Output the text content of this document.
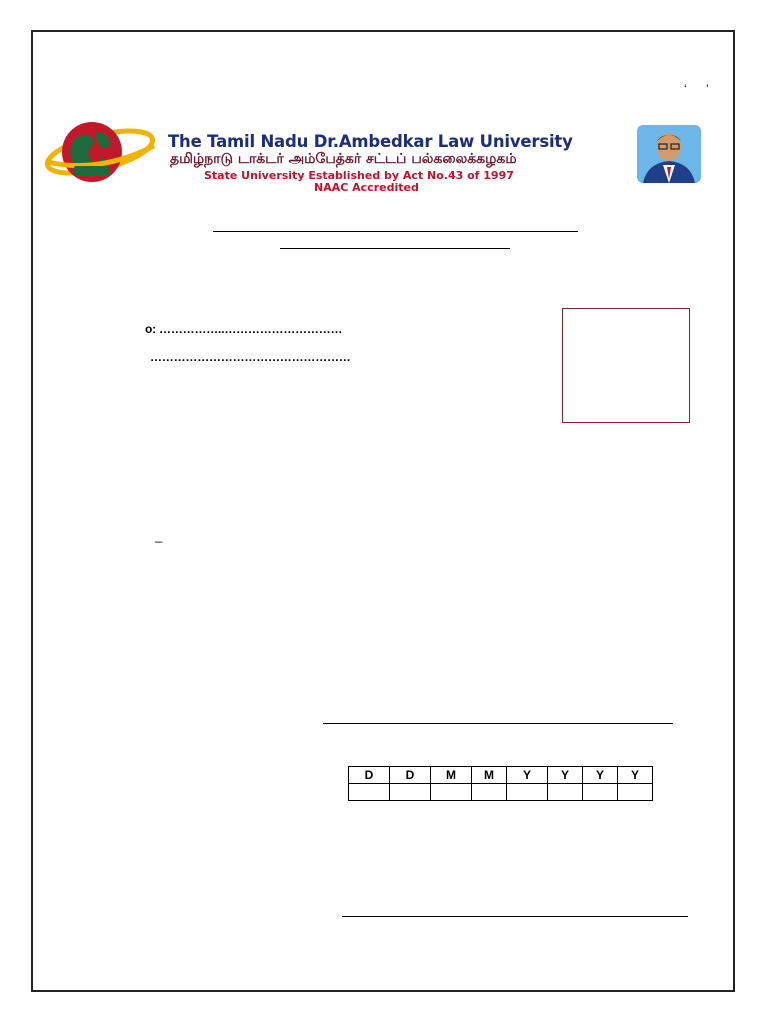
‘ ’
The Tamil Nadu Dr.Ambedkar Law University
தமிழ்நாடு டாக்டர் அம்பேத்கர் சட்டப் பல்கலைக்கழகம்
State University Established by Act No.43 of 1997
NAAC Accredited
o: ……………..…………………………
……………………………………………
_
D	D	M	M	Y	Y	Y	Y
